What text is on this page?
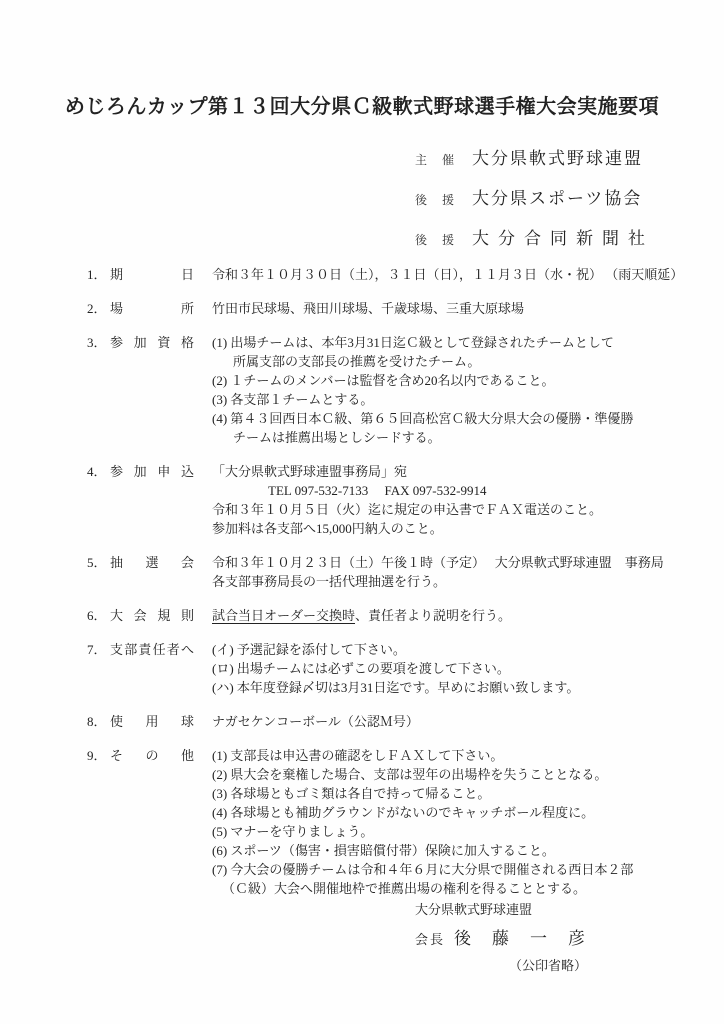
めじろんカップ第１３回大分県Ｃ級軟式野球選手権大会実施要項
主催 大分県軟式野球連盟
後援 大分県スポーツ協会
後援 大分合同新聞社
1． 期日 令和３年１０月３０日（土），３１日（日），１１月３日（水・祝） （雨天順延）
2． 場所 竹田市民球場、飛田川球場、千歳球場、三重大原球場
3． 参加資格 (1) 出場チームは、本年3月31日迄Ｃ級として登録されたチームとして
所属支部の支部長の推薦を受けたチーム。
(2) １チームのメンバーは監督を含め20名以内であること。
(3) 各支部１チームとする。
(4) 第４３回西日本Ｃ級、第６５回高松宮Ｃ級大分県大会の優勝・準優勝
チームは推薦出場としシードする。
4． 参加申込 「大分県軟式野球連盟事務局」宛
TEL 097-532-7133     FAX 097-532-9914
令和３年１０月５日（火）迄に規定の申込書でＦＡＸ電送のこと。
参加料は各支部へ15,000円納入のこと。
5． 抽選会 令和３年１０月２３日（土）午後１時（予定）　 大分県軟式野球連盟　事務局
各支部事務局長の一括代理抽選を行う。
6． 大会規則 試合当日オーダー交換時、責任者より説明を行う。
7． 支部責任者へ (イ) 予選記録を添付して下さい。
(ロ) 出場チームには必ずこの要項を渡して下さい。
(ハ) 本年度登録〆切は3月31日迄です。早めにお願い致します。
8． 使用球 ナガセケンコーボール（公認Ｍ号）
9． その他 (1) 支部長は申込書の確認をしＦＡＸして下さい。
(2) 県大会を棄権した場合、支部は翌年の出場枠を失うこととなる。
(3) 各球場ともゴミ類は各自で持って帰ること。
(4) 各球場とも補助グラウンドがないのでキャッチボール程度に。
(5) マナーを守りましょう。
(6) スポーツ（傷害・損害賠償付帯）保険に加入すること。
(7) 今大会の優勝チームは令和４年６月に大分県で開催される西日本２部
（Ｃ級）大会へ開催地枠で推薦出場の権利を得ることとする。
大分県軟式野球連盟
会長 後藤一彦
（公印省略）
